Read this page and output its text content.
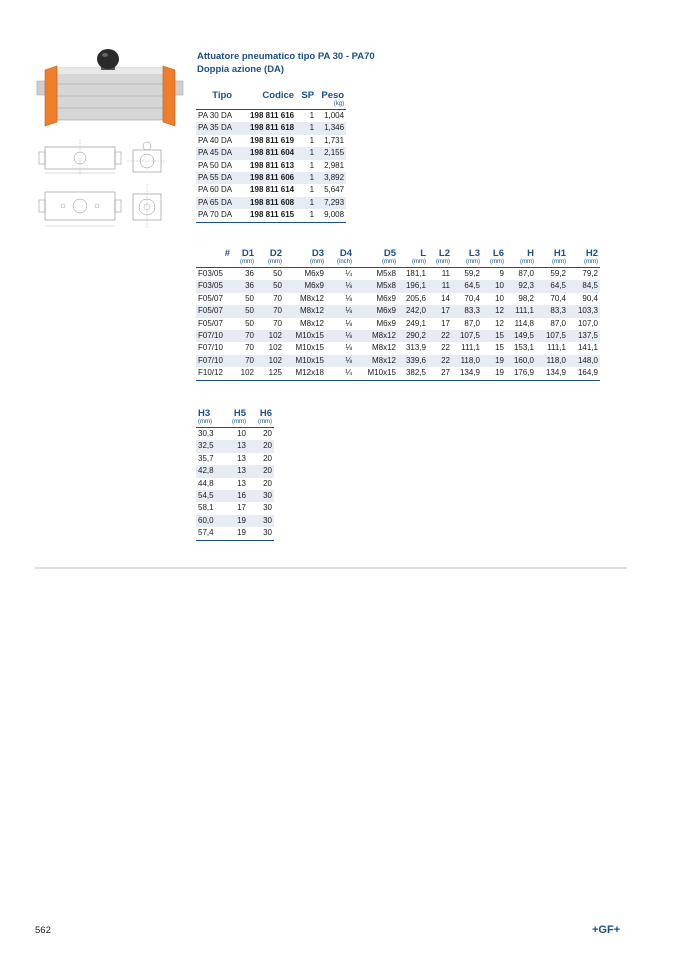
Attuatore pneumatico tipo PA 30 - PA70
Doppia azione (DA)
Tipo	Codice	SP	Peso
			(kg)
PA 30 DA	198 811 616	1	1,004
PA 35 DA	198 811 618	1	1,346
PA 40 DA	198 811 619	1	1,731
PA 45 DA	198 811 604	1	2,155
PA 50 DA	198 811 613	1	2,981
PA 55 DA	198 811 606	1	3,892
PA 60 DA	198 811 614	1	5,647
PA 65 DA	198 811 608	1	7,293
PA 70 DA	198 811 615	1	9,008
#	D1	D2	D3	D4	D5	L	L2	L3	L6	H	H1	H2
	(mm)	(mm)	(mm)	(inch)	(mm)	(mm)	(mm)	(mm)	(mm)	(mm)	(mm)	(mm)
F03/05	36	50	M6x9	¼	M5x8	181,1	11	59,2	9	87,0	59,2	79,2
F03/05	36	50	M6x9	⅛	M5x8	196,1	11	64,5	10	92,3	64,5	84,5
F05/07	50	70	M8x12	⅛	M6x9	205,6	14	70,4	10	98,2	70,4	90,4
F05/07	50	70	M8x12	⅛	M6x9	242,0	17	83,3	12	111,1	83,3	103,3
F05/07	50	70	M8x12	⅛	M6x9	249,1	17	87,0	12	114,8	87,0	107,0
F07/10	70	102	M10x15	⅛	M8x12	290,2	22	107,5	15	149,5	107,5	137,5
F07/10	70	102	M10x15	⅛	M8x12	313,9	22	111,1	15	153,1	111,1	141,1
F07/10	70	102	M10x15	⅛	M8x12	339,6	22	118,0	19	160,0	118,0	148,0
F10/12	102	125	M12x18	¼	M10x15	382,5	27	134,9	19	176,9	134,9	164,9
H3	H5	H6
(mm)	(mm)	(mm)
30,3	10	20
32,5	13	20
35,7	13	20
42,8	13	20
44,8	13	20
54,5	16	30
58,1	17	30
60,0	19	30
57,4	19	30
562	+GF+
